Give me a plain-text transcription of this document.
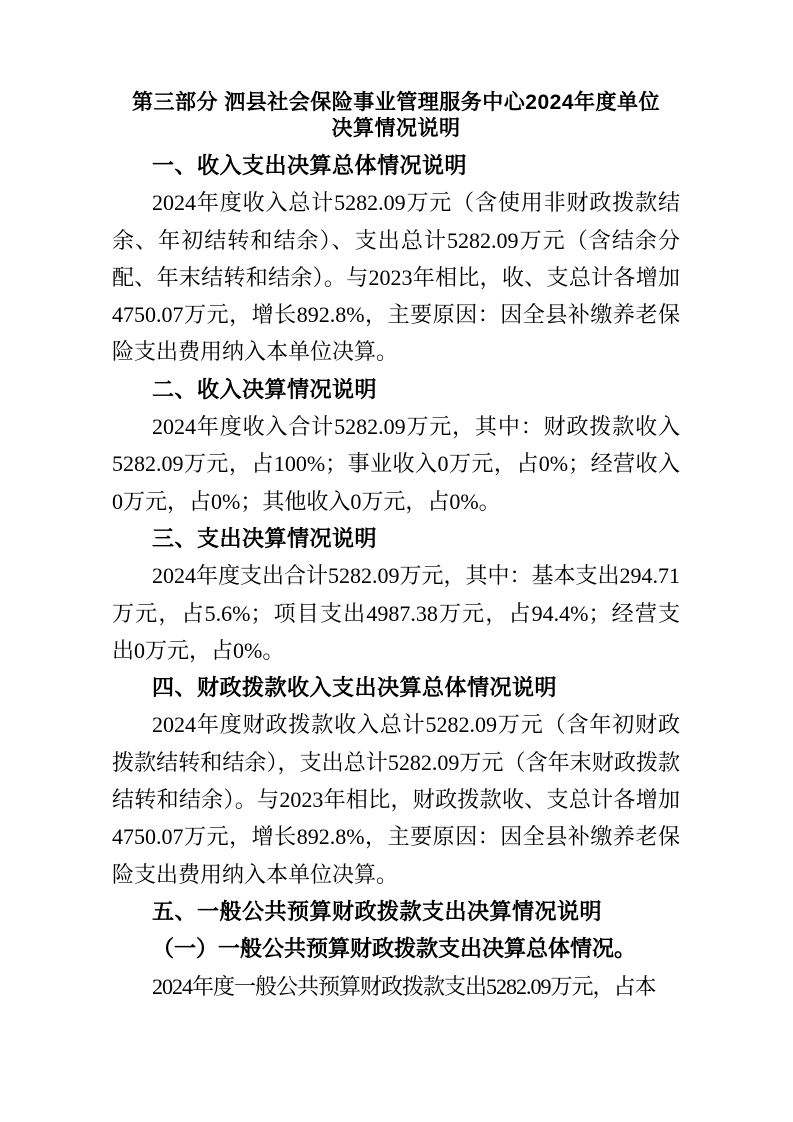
第三部分 泗县社会保险事业管理服务中心2024年度单位
决算情况说明
一、收入支出决算总体情况说明

2024年度收入总计5282.09万元（含使用非财政拨款结余、年初结转和结余）、支出总计5282.09万元（含结余分配、年末结转和结余）。与2023年相比，收、支总计各增加4750.07万元，增长892.8%，主要原因：因全县补缴养老保险支出费用纳入本单位决算。

二、收入决算情况说明

2024年度收入合计5282.09万元，其中：财政拨款收入5282.09万元，占100%；事业收入0万元，占0%；经营收入0万元，占0%；其他收入0万元，占0%。

三、支出决算情况说明

2024年度支出合计5282.09万元，其中：基本支出294.71万元，占5.6%；项目支出4987.38万元，占94.4%；经营支出0万元，占0%。

四、财政拨款收入支出决算总体情况说明

2024年度财政拨款收入总计5282.09万元（含年初财政拨款结转和结余），支出总计5282.09万元（含年末财政拨款结转和结余）。与2023年相比，财政拨款收、支总计各增加4750.07万元，增长892.8%，主要原因：因全县补缴养老保险支出费用纳入本单位决算。

五、一般公共预算财政拨款支出决算情况说明

（一）一般公共预算财政拨款支出决算总体情况。

2024年度一般公共预算财政拨款支出5282.09万元，占本
